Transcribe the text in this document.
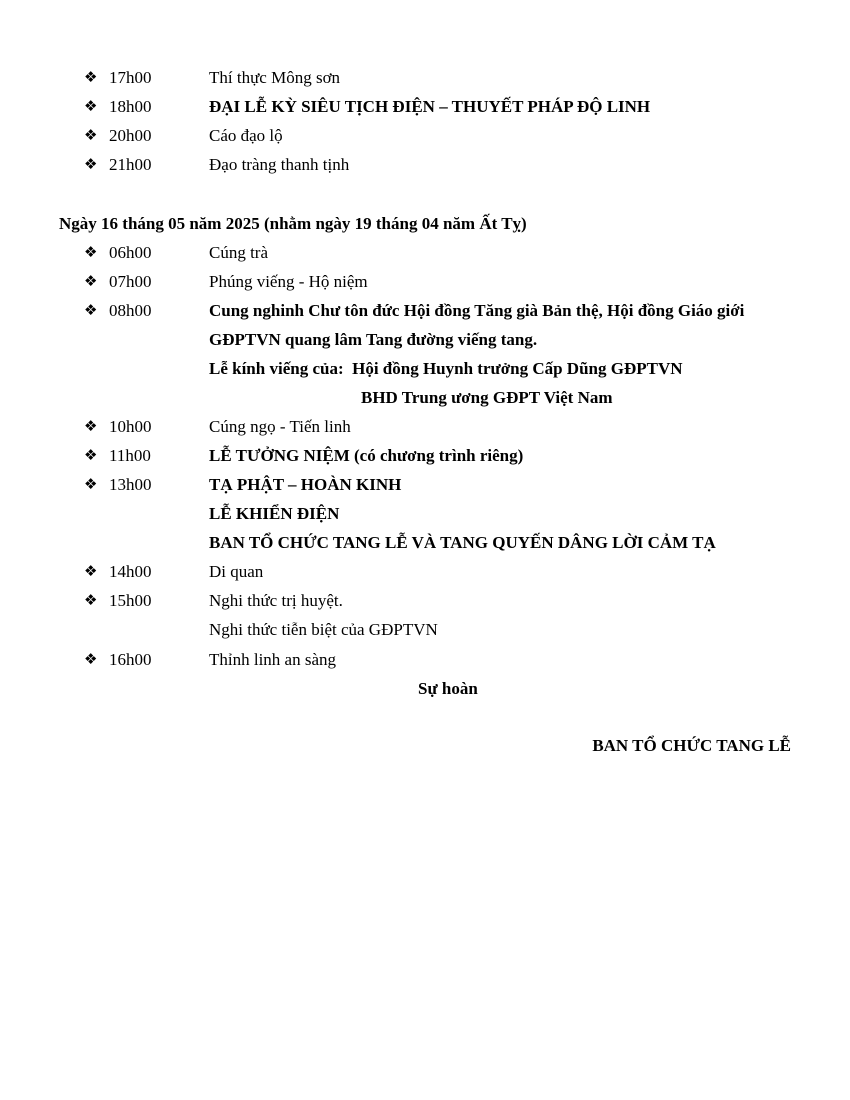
❖ 17h00	Thí thực Mông sơn
❖ 18h00	ĐẠI LỄ KỲ SIÊU TỊCH ĐIỆN – THUYẾT PHÁP ĐỘ LINH
❖ 20h00	Cáo đạo lộ
❖ 21h00	Đạo tràng thanh tịnh
Ngày 16 tháng 05 năm 2025 (nhằm ngày 19 tháng 04 năm Ất Tỵ)
❖ 06h00	Cúng trà
❖ 07h00	Phúng viếng - Hộ niệm
❖ 08h00	Cung nghinh Chư tôn đức Hội đồng Tăng già Bản thệ, Hội đồng Giáo giới
GĐPTVN quang lâm Tang đường viếng tang.
Lễ kính viếng của:  Hội đồng Huynh trưởng Cấp Dũng GĐPTVN
BHD Trung ương GĐPT Việt Nam
❖ 10h00	Cúng ngọ - Tiến linh
❖ 11h00	LỄ TƯỞNG NIỆM (có chương trình riêng)
❖ 13h00	TẠ PHẬT – HOÀN KINH
LỄ KHIỂN ĐIỆN
BAN TỔ CHỨC TANG LỄ VÀ TANG QUYẾN DÂNG LỜI CẢM TẠ
❖ 14h00	Di quan
❖ 15h00	Nghi thức trị huyệt.
Nghi thức tiễn biệt của GĐPTVN
❖ 16h00	Thỉnh linh an sàng
Sự hoàn
BAN TỔ CHỨC TANG LỄ
